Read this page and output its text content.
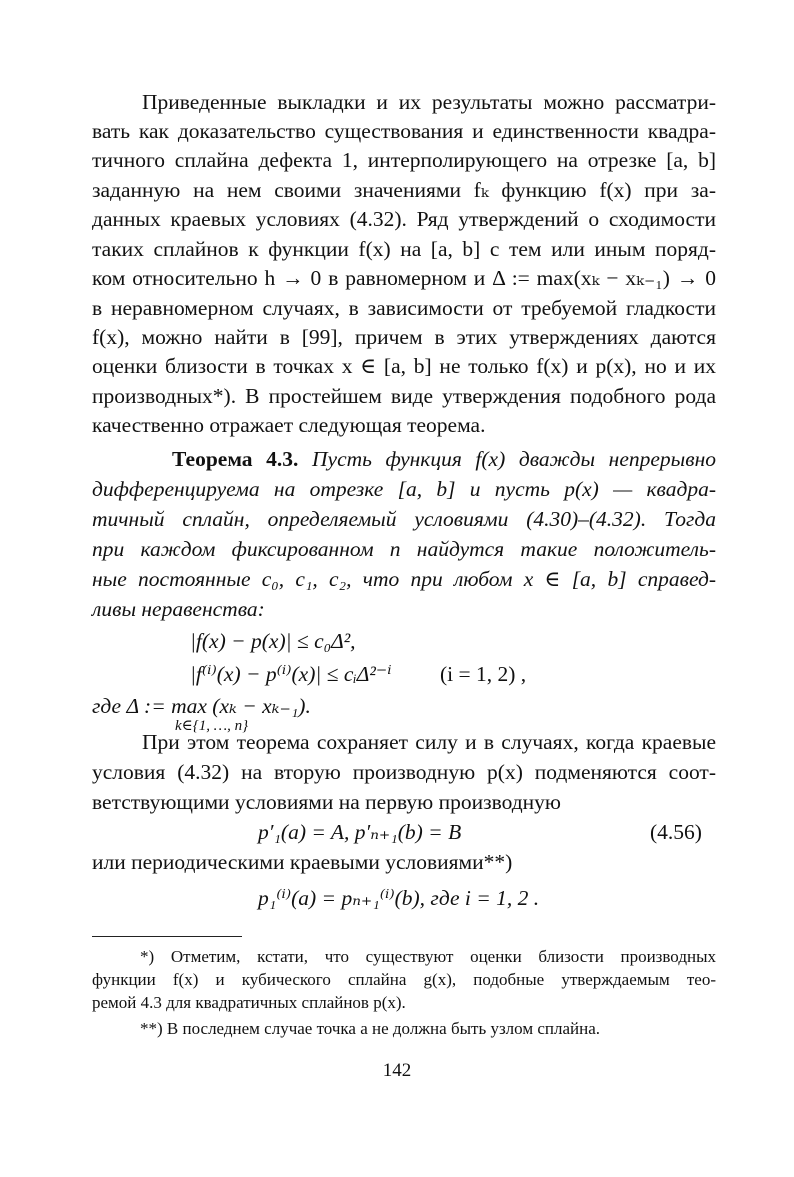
Приведенные выкладки и их результаты можно рассматри-
вать как доказательство существования и единственности квадра-
тичного сплайна дефекта 1, интерполирующего на отрезке [a, b]
заданную на нем своими значениями fₖ функцию f(x) при за-
данных краевых условиях (4.32). Ряд утверждений о сходимости
таких сплайнов к функции f(x) на [a, b] с тем или иным поряд-
ком относительно h → 0 в равномерном и Δ := max(xₖ − xₖ₋₁) → 0
в неравномерном случаях, в зависимости от требуемой гладкости
f(x), можно найти в [99], причем в этих утверждениях даются
оценки близости в точках x ∈ [a, b] не только f(x) и p(x), но и их
производных*). В простейшем виде утверждения подобного рода
качественно отражает следующая теорема.
Теорема 4.3. Пусть функция f(x) дважды непрерывно
дифференцируема на отрезке [a, b] и пусть p(x) — квадра-
тичный сплайн, определяемый условиями (4.30)–(4.32). Тогда
при каждом фиксированном n найдутся такие положитель-
ные постоянные c₀, c₁, c₂, что при любом x ∈ [a, b] справед-
ливы неравенства:
|f(x) − p(x)| ≤ c₀Δ²,
|f⁽ⁱ⁾(x) − p⁽ⁱ⁾(x)| ≤ cᵢΔ²⁻ⁱ (i = 1, 2) ,
где Δ := max (xₖ − xₖ₋₁).
k∈{1, …, n}
При этом теорема сохраняет силу и в случаях, когда краевые
условия (4.32) на вторую производную p(x) подменяются соот-
ветствующими условиями на первую производную
p′₁(a) = A, p′ₙ₊₁(b) = B	(4.56)
или периодическими краевыми условиями**)
p₁⁽ⁱ⁾(a) = pₙ₊₁⁽ⁱ⁾(b), где i = 1, 2 .
*) Отметим, кстати, что существуют оценки близости производных
функции f(x) и кубического сплайна g(x), подобные утверждаемым тео-
ремой 4.3 для квадратичных сплайнов p(x).
**) В последнем случае точка a не должна быть узлом сплайна.
142
